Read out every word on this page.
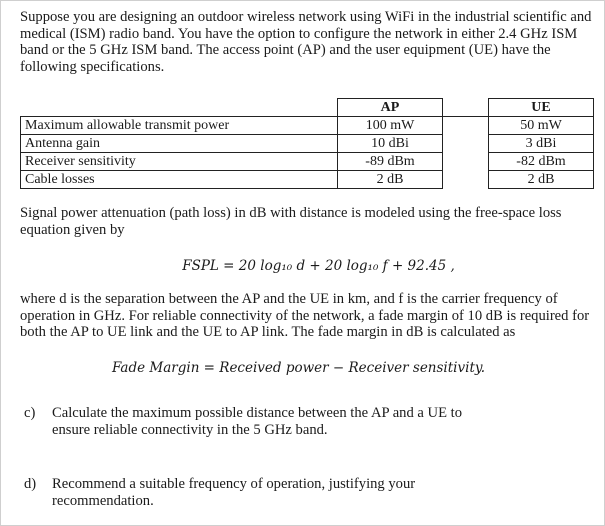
Suppose you are designing an outdoor wireless network using WiFi in the industrial scientific and medical (ISM) radio band. You have the option to configure the network in either 2.4 GHz ISM band or the 5 GHz ISM band. The access point (AP) and the user equipment (UE) have the following specifications.

	AP		UE
Maximum allowable transmit power	100 mW		50 mW
Antenna gain	10 dBi		3 dBi
Receiver sensitivity	-89 dBm		-82 dBm
Cable losses	2 dB		2 dB

Signal power attenuation (path loss) in dB with distance is modeled using the free-space loss equation given by

FSPL = 20 log₁₀ d + 20 log₁₀ f + 92.45 ,

where d is the separation between the AP and the UE in km, and f is the carrier frequency of operation in GHz. For reliable connectivity of the network, a fade margin of 10 dB is required for both the AP to UE link and the UE to AP link. The fade margin in dB is calculated as

Fade Margin = Received power − Receiver sensitivity.
c) Calculate the maximum possible distance between the AP and a UE to ensure reliable connectivity in the 5 GHz band.
d) Recommend a suitable frequency of operation, justifying your recommendation.
